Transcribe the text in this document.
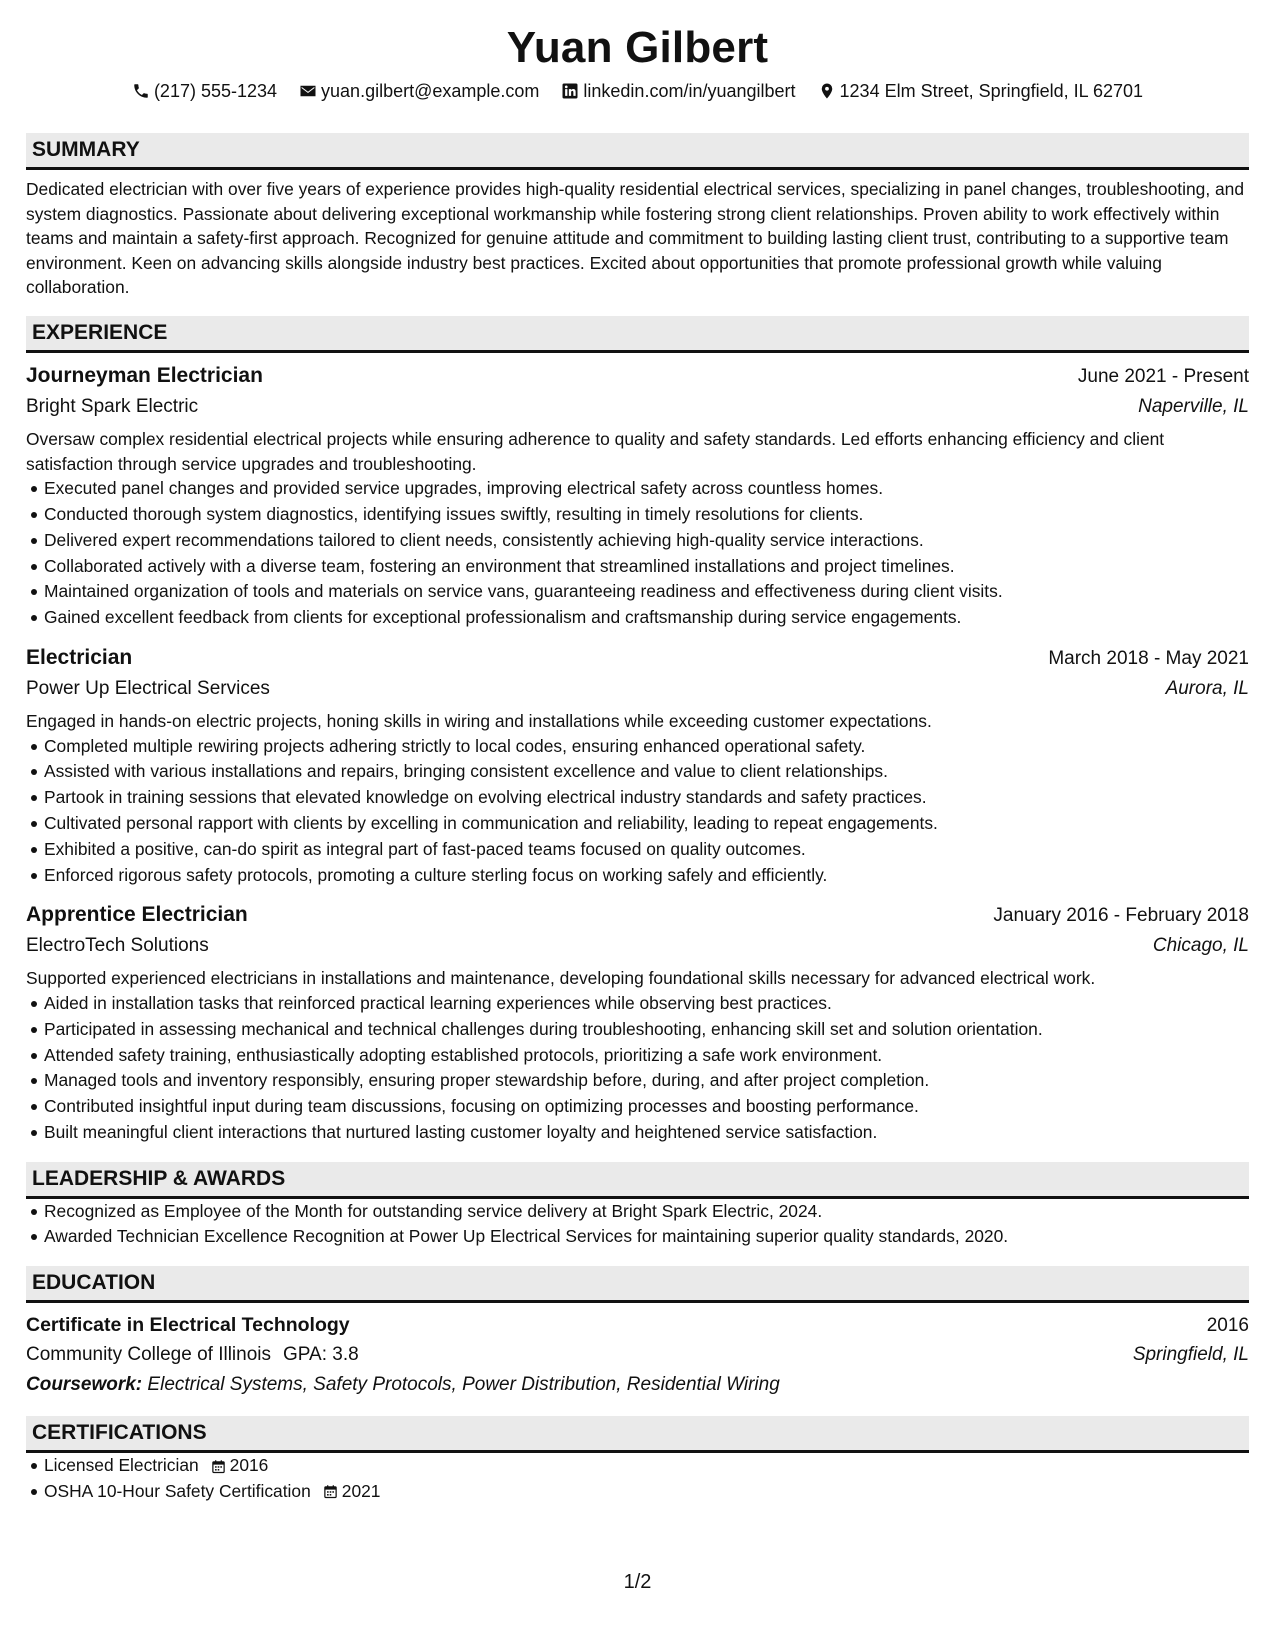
Yuan Gilbert
(217) 555-1234 yuan.gilbert@example.com linkedin.com/in/yuangilbert 1234 Elm Street, Springfield, IL 62701
SUMMARY
Dedicated electrician with over five years of experience provides high-quality residential electrical services, specializing in panel changes, troubleshooting, and system diagnostics. Passionate about delivering exceptional workmanship while fostering strong client relationships. Proven ability to work effectively within teams and maintain a safety-first approach. Recognized for genuine attitude and commitment to building lasting client trust, contributing to a supportive team environment. Keen on advancing skills alongside industry best practices. Excited about opportunities that promote professional growth while valuing collaboration.
EXPERIENCE
Journeyman Electrician	June 2021 - Present
Bright Spark Electric	Naperville, IL
Oversaw complex residential electrical projects while ensuring adherence to quality and safety standards. Led efforts enhancing efficiency and client satisfaction through service upgrades and troubleshooting.
Executed panel changes and provided service upgrades, improving electrical safety across countless homes.
Conducted thorough system diagnostics, identifying issues swiftly, resulting in timely resolutions for clients.
Delivered expert recommendations tailored to client needs, consistently achieving high-quality service interactions.
Collaborated actively with a diverse team, fostering an environment that streamlined installations and project timelines.
Maintained organization of tools and materials on service vans, guaranteeing readiness and effectiveness during client visits.
Gained excellent feedback from clients for exceptional professionalism and craftsmanship during service engagements.
Electrician	March 2018 - May 2021
Power Up Electrical Services	Aurora, IL
Engaged in hands-on electric projects, honing skills in wiring and installations while exceeding customer expectations.
Completed multiple rewiring projects adhering strictly to local codes, ensuring enhanced operational safety.
Assisted with various installations and repairs, bringing consistent excellence and value to client relationships.
Partook in training sessions that elevated knowledge on evolving electrical industry standards and safety practices.
Cultivated personal rapport with clients by excelling in communication and reliability, leading to repeat engagements.
Exhibited a positive, can-do spirit as integral part of fast-paced teams focused on quality outcomes.
Enforced rigorous safety protocols, promoting a culture sterling focus on working safely and efficiently.
Apprentice Electrician	January 2016 - February 2018
ElectroTech Solutions	Chicago, IL
Supported experienced electricians in installations and maintenance, developing foundational skills necessary for advanced electrical work.
Aided in installation tasks that reinforced practical learning experiences while observing best practices.
Participated in assessing mechanical and technical challenges during troubleshooting, enhancing skill set and solution orientation.
Attended safety training, enthusiastically adopting established protocols, prioritizing a safe work environment.
Managed tools and inventory responsibly, ensuring proper stewardship before, during, and after project completion.
Contributed insightful input during team discussions, focusing on optimizing processes and boosting performance.
Built meaningful client interactions that nurtured lasting customer loyalty and heightened service satisfaction.
LEADERSHIP & AWARDS
Recognized as Employee of the Month for outstanding service delivery at Bright Spark Electric, 2024.
Awarded Technician Excellence Recognition at Power Up Electrical Services for maintaining superior quality standards, 2020.
EDUCATION
Certificate in Electrical Technology	2016
Community College of Illinois GPA: 3.8	Springfield, IL
Coursework: Electrical Systems, Safety Protocols, Power Distribution, Residential Wiring
CERTIFICATIONS
Licensed Electrician 2016
OSHA 10-Hour Safety Certification 2021
1/2
